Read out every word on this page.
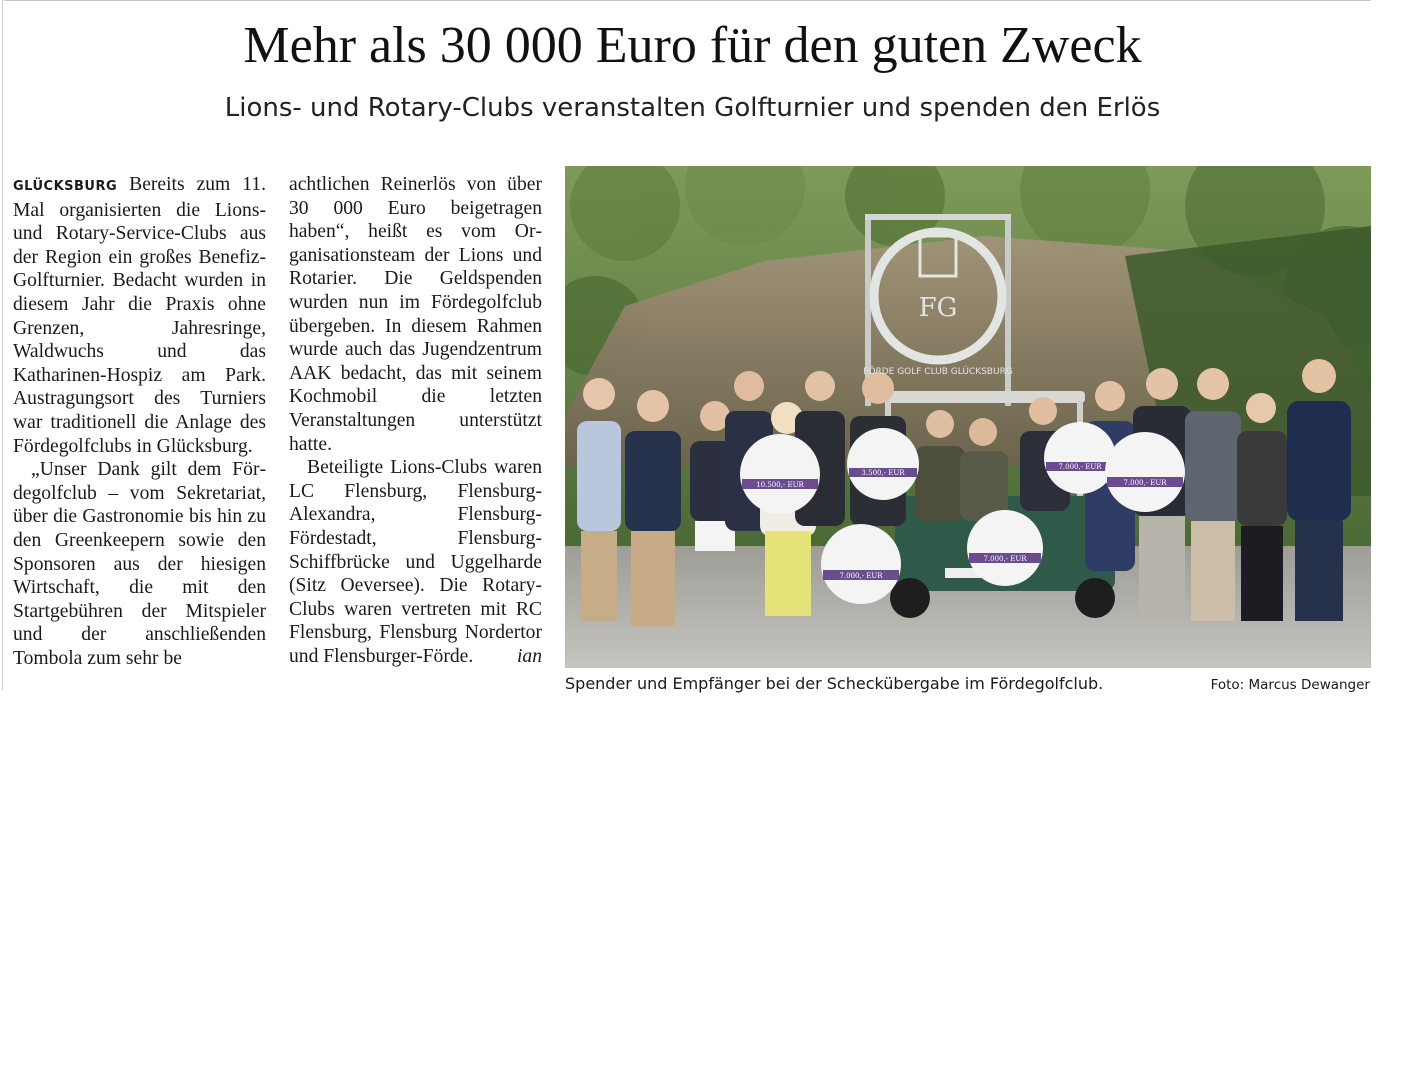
Mehr als 30 000 Euro für den guten Zweck
Lions- und Rotary-Clubs veranstalten Golfturnier und spenden den Erlös

GLÜCKSBURG Bereits zum 11. Mal organisierten die Lions- und Rotary-Service-Clubs aus der Region ein großes Benefiz-Golfturnier. Bedacht wurden in diesem Jahr die Praxis ohne Grenzen, Jahresringe, Waldwuchs und das Katharinen-Hospiz am Park. Austragungsort des Turniers war traditionell die Anlage des Fördegolfclubs in Glücksburg.

„Unser Dank gilt dem Fördegolfclub – vom Sekretariat, über die Gastronomie bis hin zu den Greenkeepern sowie den Sponsoren aus der hiesigen Wirtschaft, die mit den Startgebühren der Mitspieler und der anschließenden Tombola zum sehr be

achtlichen Reinerlös von über 30 000 Euro beigetragen haben“, heißt es vom Organisationsteam der Lions und Rotarier. Die Geldspenden wurden nun im Fördegolfclub übergeben. In diesem Rahmen wurde auch das Jugendzentrum AAK bedacht, das mit seinem Kochmobil die letzten Veranstaltungen unterstützt hatte.

Beteiligte Lions-Clubs waren LC Flensburg, Flensburg-Alexandra, Flensburg-Fördestadt, Flensburg-Schiffbrücke und Uggelharde (Sitz Oeversee). Die Rotary-Clubs waren vertreten mit RC Flensburg, Flensburg Nordertor und Flensburger-Förde.	ian

FG
10.500,- EUR
3.500,- EUR
7.000,- EUR
7.000,- EUR
7.000,- EUR
7.000,- EUR
FÖRDE GOLF CLUB GLÜCKSBURG
Spender und Empfänger bei der Scheckübergabe im Fördegolfclub.	Foto: Marcus Dewanger
